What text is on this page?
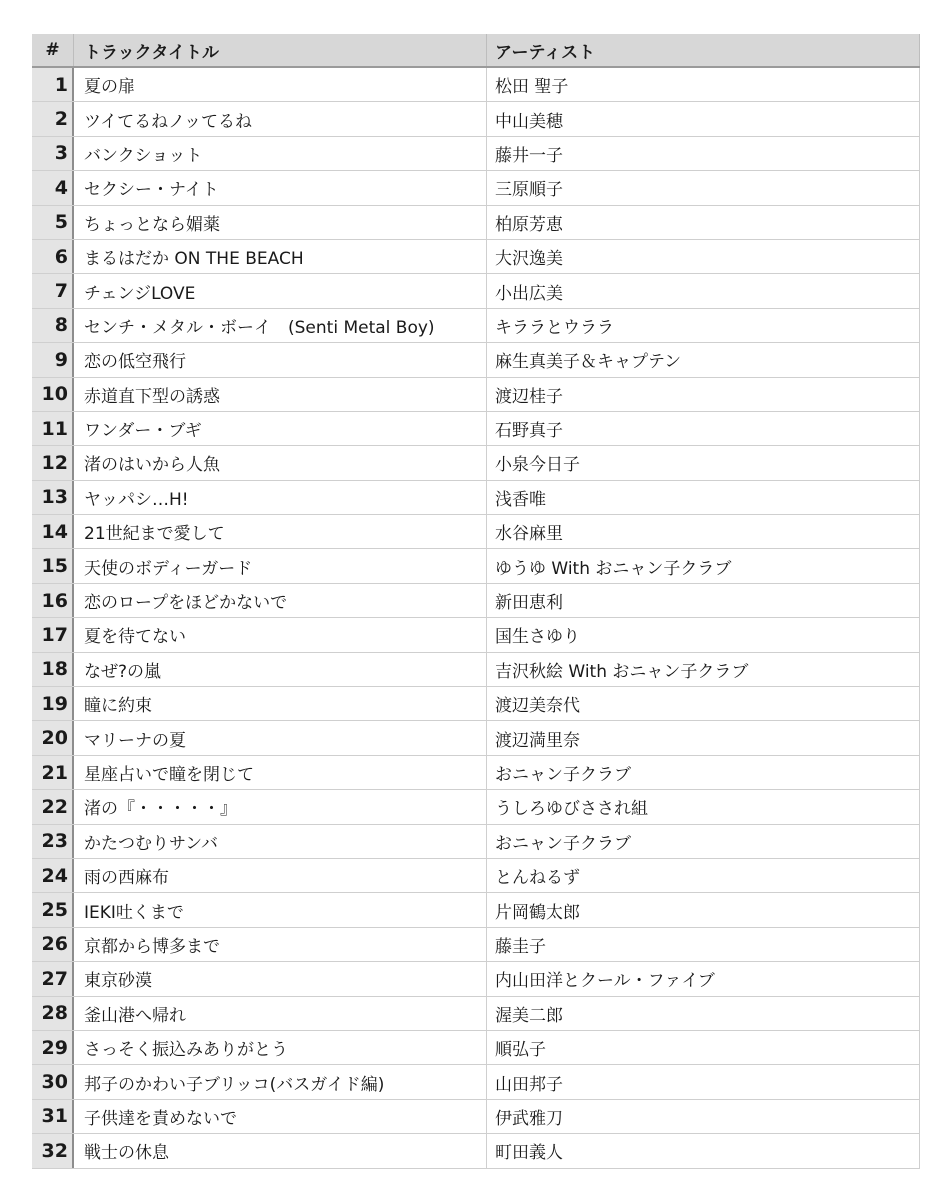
#	トラックタイトル	アーティスト
1 夏の扉	松田 聖子
2 ツイてるねノッてるね	中山美穂
3 バンクショット	藤井一子
4 セクシー・ナイト	三原順子
5 ちょっとなら媚薬	柏原芳恵
6 まるはだか ON THE BEACH	大沢逸美
7 チェンジLOVE	小出広美
8 センチ・メタル・ボーイ　(Senti Metal Boy)	キララとウララ
9 恋の低空飛行	麻生真美子＆キャプテン
10 赤道直下型の誘惑	渡辺桂子
11 ワンダー・ブギ	石野真子
12 渚のはいから人魚	小泉今日子
13 ヤッパシ…H!	浅香唯
14 21世紀まで愛して	水谷麻里
15 天使のボディーガード	ゆうゆ With おニャン子クラブ
16 恋のロープをほどかないで	新田恵利
17 夏を待てない	国生さゆり
18 なぜ?の嵐	吉沢秋絵 With おニャン子クラブ
19 瞳に約束	渡辺美奈代
20 マリーナの夏	渡辺満里奈
21 星座占いで瞳を閉じて	おニャン子クラブ
22 渚の『・・・・・』	うしろゆびさされ組
23 かたつむりサンバ	おニャン子クラブ
24 雨の西麻布	とんねるず
25 IEKI吐くまで	片岡鶴太郎
26 京都から博多まで	藤圭子
27 東京砂漠	内山田洋とクール・ファイブ
28 釜山港へ帰れ	渥美二郎
29 さっそく振込みありがとう	順弘子
30 邦子のかわい子ブリッコ(バスガイド編)	山田邦子
31 子供達を責めないで	伊武雅刀
32 戦士の休息	町田義人
